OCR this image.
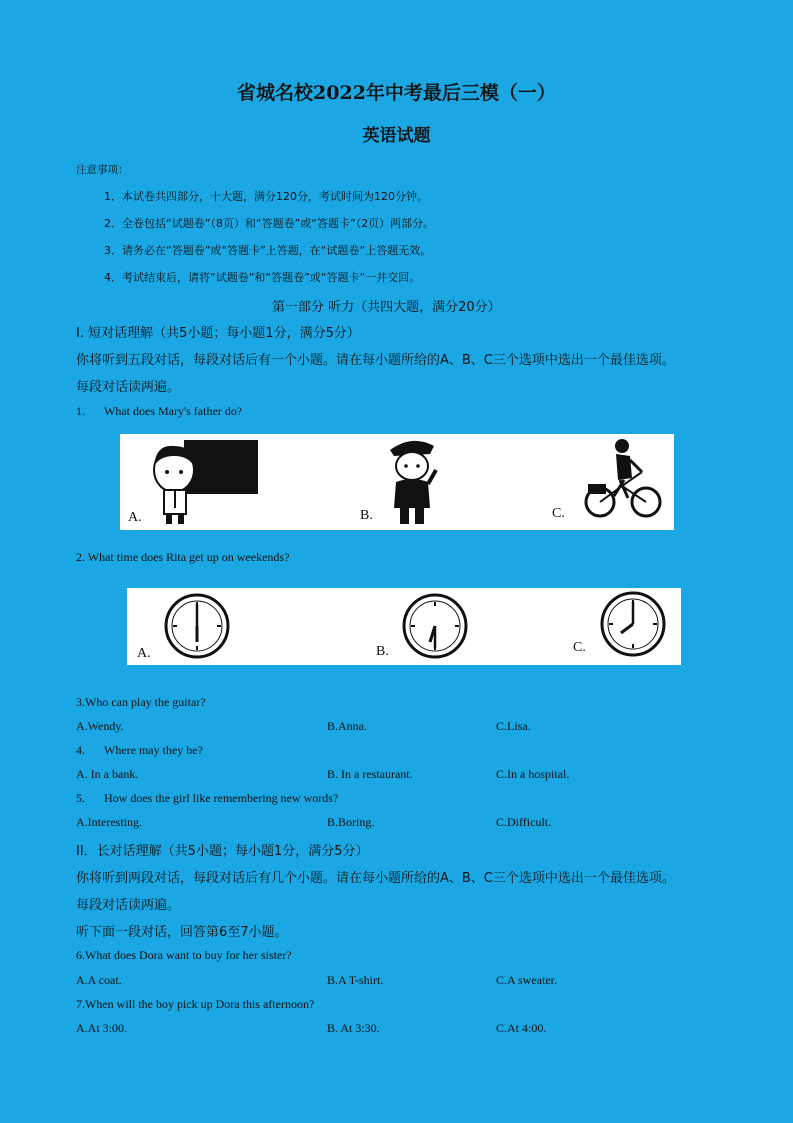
省城名校2022年中考最后三模（一）
英语试题
注意事项：
1．本试卷共四部分，十大题，满分120分，考试时间为120分钟。
2．全卷包括“试题卷”（8页）和“答题卷”或“答题卡”（2页）两部分。
3．请务必在“答题卷”或“答题卡”上答题，在“试题卷”上答题无效。
4．考试结束后，请将“试题卷”和“答题卷”或“答题卡”一并交回。
第一部分 听力（共四大题，满分20分）
I. 短对话理解（共5小题；每小题1分，满分5分）
你将听到五段对话，每段对话后有一个小题。请在每小题所给的A、B、C三个选项中选出一个最佳选项。
每段对话读两遍。
1. What does Mary's father do?
A.	B.	C.
2. What time does Rita get up on weekends?
A.	B.	C.
3.Who can play the guitar?
A.Wendy.	B.Anna.	C.Lisa.
4. Where may they be?
A. In a bank.	B. In a restaurant.	C.In a hospital.
5. How does the girl like remembering new words?
A.Interesting.	B.Boring.	C.Difficult.
II．长对话理解（共5小题；每小题1分，满分5分）
你将听到两段对话，每段对话后有几个小题。请在每小题所给的A、B、C三个选项中选出一个最佳选项。
每段对话读两遍。
听下面一段对话，回答第6至7小题。
6.What does Dora want to buy for her sister?
A.A coat.	B.A T-shirt.	C.A sweater.
7.When will the boy pick up Dora this afternoon?
A.At 3:00.	B. At 3:30.	C.At 4:00.
